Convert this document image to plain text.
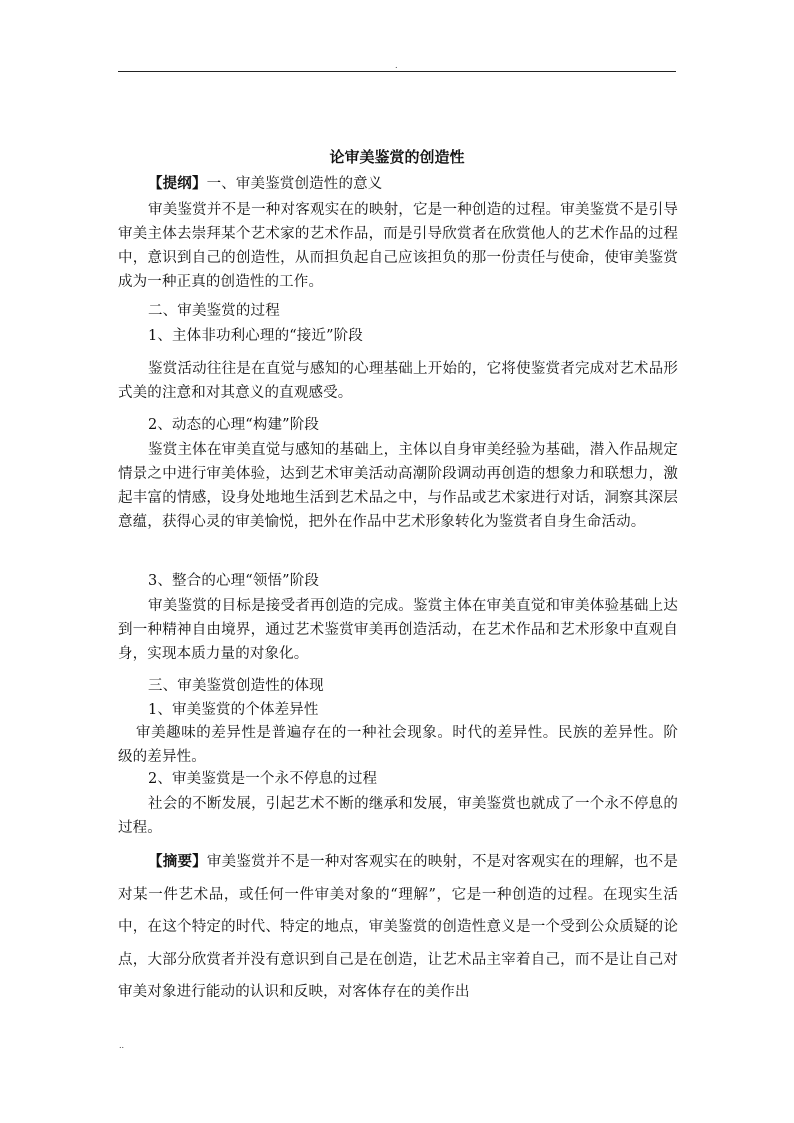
.
论审美鉴赏的创造性
【提纲】一、审美鉴赏创造性的意义
审美鉴赏并不是一种对客观实在的映射，它是一种创造的过程。审美鉴赏不是引导审美主体去崇拜某个艺术家的艺术作品，而是引导欣赏者在欣赏他人的艺术作品的过程中，意识到自己的创造性，从而担负起自己应该担负的那一份责任与使命，使审美鉴赏成为一种正真的创造性的工作。
二、审美鉴赏的过程
1、主体非功利心理的“接近”阶段
鉴赏活动往往是在直觉与感知的心理基础上开始的，它将使鉴赏者完成对艺术品形式美的注意和对其意义的直观感受。
2、动态的心理“构建”阶段
鉴赏主体在审美直觉与感知的基础上，主体以自身审美经验为基础，潜入作品规定情景之中进行审美体验，达到艺术审美活动高潮阶段调动再创造的想象力和联想力，激起丰富的情感，设身处地地生活到艺术品之中，与作品或艺术家进行对话，洞察其深层意蕴，获得心灵的审美愉悦，把外在作品中艺术形象转化为鉴赏者自身生命活动。
3、整合的心理“领悟”阶段
审美鉴赏的目标是接受者再创造的完成。鉴赏主体在审美直觉和审美体验基础上达到一种精神自由境界，通过艺术鉴赏审美再创造活动，在艺术作品和艺术形象中直观自身，实现本质力量的对象化。
三、审美鉴赏创造性的体现
1、审美鉴赏的个体差异性
审美趣味的差异性是普遍存在的一种社会现象。时代的差异性。民族的差异性。阶级的差异性。
2、审美鉴赏是一个永不停息的过程
社会的不断发展，引起艺术不断的继承和发展，审美鉴赏也就成了一个永不停息的过程。
【摘要】审美鉴赏并不是一种对客观实在的映射，不是对客观实在的理解，也不是对某一件艺术品，或任何一件审美对象的“理解”，它是一种创造的过程。在现实生活中，在这个特定的时代、特定的地点，审美鉴赏的创造性意义是一个受到公众质疑的论点，大部分欣赏者并没有意识到自己是在创造，让艺术品主宰着自己，而不是让自己对审美对象进行能动的认识和反映，对客体存在的美作出
..
